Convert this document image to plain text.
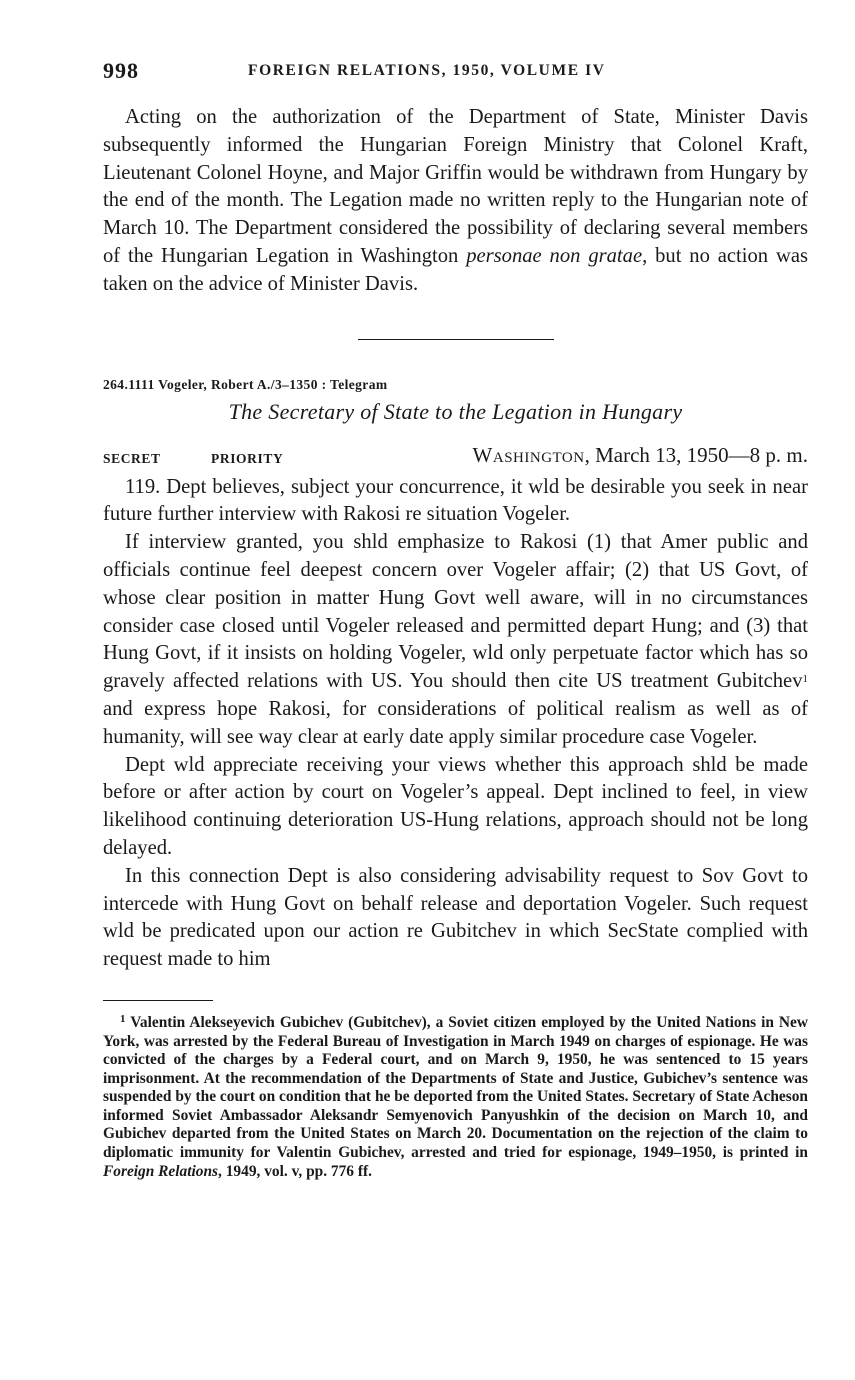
998	FOREIGN RELATIONS, 1950, VOLUME IV

Acting on the authorization of the Department of State, Minister Davis subsequently informed the Hungarian Foreign Ministry that Colonel Kraft, Lieutenant Colonel Hoyne, and Major Griffin would be withdrawn from Hungary by the end of the month. The Legation made no written reply to the Hungarian note of March 10. The Department considered the possibility of declaring several members of the Hungarian Legation in Washington personae non gratae, but no action was taken on the advice of Minister Davis.

264.1111 Vogeler, Robert A./3–1350 : Telegram
The Secretary of State to the Legation in Hungary
SECRET	PRIORITY	Washington, March 13, 1950—8 p. m.

119. Dept believes, subject your concurrence, it wld be desirable you seek in near future further interview with Rakosi re situation Vogeler.

If interview granted, you shld emphasize to Rakosi (1) that Amer public and officials continue feel deepest concern over Vogeler affair; (2) that US Govt, of whose clear position in matter Hung Govt well aware, will in no circumstances consider case closed until Vogeler released and permitted depart Hung; and (3) that Hung Govt, if it insists on holding Vogeler, wld only perpetuate factor which has so gravely affected relations with US. You should then cite US treatment Gubitchev$^1$ and express hope Rakosi, for considerations of political realism as well as of humanity, will see way clear at early date apply similar procedure case Vogeler.

Dept wld appreciate receiving your views whether this approach shld be made before or after action by court on Vogeler’s appeal. Dept inclined to feel, in view likelihood continuing deterioration US-Hung relations, approach should not be long delayed.

In this connection Dept is also considering advisability request to Sov Govt to intercede with Hung Govt on behalf release and deportation Vogeler. Such request wld be predicated upon our action re Gubitchev in which SecState complied with request made to him

$^1$ Valentin Alekseyevich Gubichev (Gubitchev), a Soviet citizen employed by the United Nations in New York, was arrested by the Federal Bureau of Investigation in March 1949 on charges of espionage. He was convicted of the charges by a Federal court, and on March 9, 1950, he was sentenced to 15 years imprisonment. At the recommendation of the Departments of State and Justice, Gubichev’s sentence was suspended by the court on condition that he be deported from the United States. Secretary of State Acheson informed Soviet Ambassador Aleksandr Semyenovich Panyushkin of the decision on March 10, and Gubichev departed from the United States on March 20. Documentation on the rejection of the claim to diplomatic immunity for Valentin Gubichev, arrested and tried for espionage, 1949–1950, is printed in Foreign Relations, 1949, vol. v, pp. 776 ff.
